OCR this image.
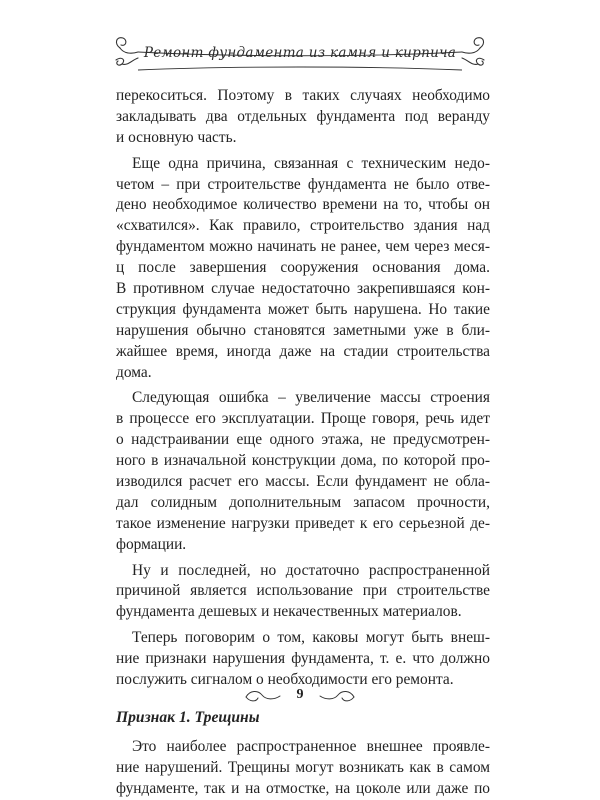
Ремонт фундамента из камня и кирпича
перекоситься. Поэтому в таких случаях необходимо
закладывать два отдельных фундамента под веранду
и основную часть.
Еще одна причина, связанная с техническим недо-
четом – при строительстве фундамента не было отве-
дено необходимое количество времени на то, чтобы он
«схватился». Как правило, строительство здания над
фундаментом можно начинать не ранее, чем через меся-
ц после завершения сооружения основания дома.
В противном случае недостаточно закрепившаяся кон-
струкция фундамента может быть нарушена. Но такие
нарушения обычно становятся заметными уже в бли-
жайшее время, иногда даже на стадии строительства
дома.
Следующая ошибка – увеличение массы строения
в процессе его эксплуатации. Проще говоря, речь идет
о надстраивании еще одного этажа, не предусмотрен-
ного в изначальной конструкции дома, по которой про-
изводился расчет его массы. Если фундамент не обла-
дал солидным дополнительным запасом прочности,
такое изменение нагрузки приведет к его серьезной де-
формации.
Ну и последней, но достаточно распространенной
причиной является использование при строительстве
фундамента дешевых и некачественных материалов.
Теперь поговорим о том, каковы могут быть внеш-
ние признаки нарушения фундамента, т. е. что должно
послужить сигналом о необходимости его ремонта.
Признак 1. Трещины
Это наиболее распространенное внешнее проявле-
ние нарушений. Трещины могут возникать как в самом
фундаменте, так и на отмостке, на цоколе или даже по
9
